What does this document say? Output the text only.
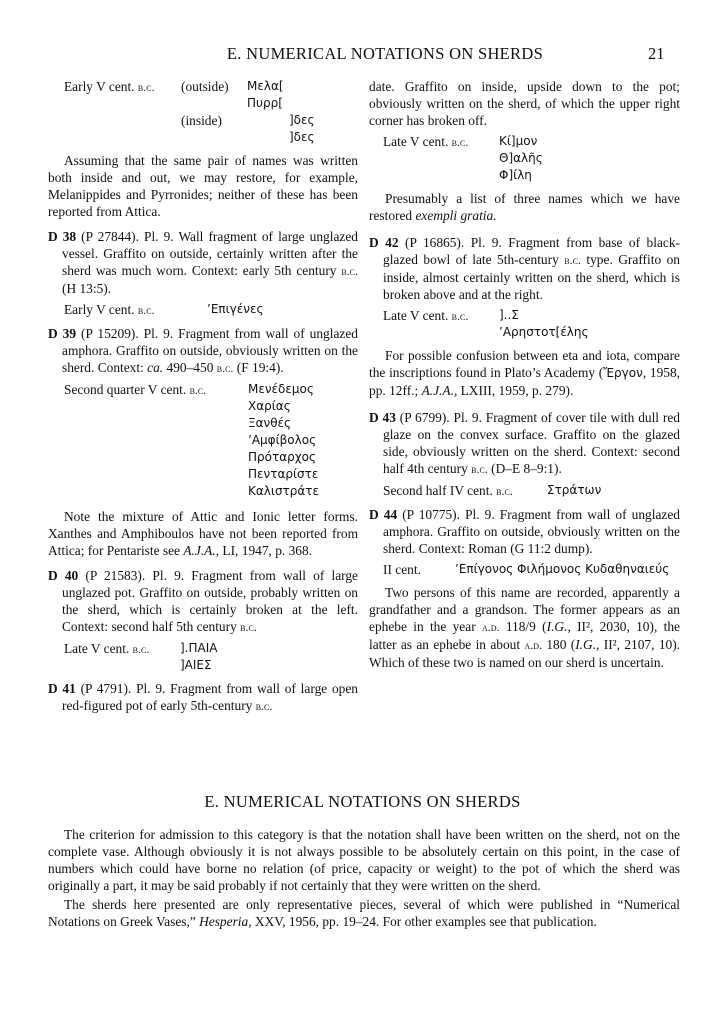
E. NUMERICAL NOTATIONS ON SHERDS	21
Early V cent. b.c.	(outside)	Μελα[
Πυρρ[
(inside)	]δες
]δες

Assuming that the same pair of names was written both inside and out, we may restore, for example, Melanippides and Pyrronides; neither of these has been reported from Attica.

D 38 (P 27844). Pl. 9. Wall fragment of large unglazed vessel. Graffito on outside, certainly written after the sherd was much worn. Context: early 5th century b.c. (H 13:5).

Early V cent. b.c.	’Επιγένες

D 39 (P 15209). Pl. 9. Fragment from wall of unglazed amphora. Graffito on outside, obviously written on the sherd. Context: ca. 490–450 b.c. (F 19:4).

Second quarter V cent. b.c.	Μενέδεμος
Χαρίας
Ξανθές
’Αμφίβολος
Πρόταρχος
Πενταρίστε
Καλιστράτε

Note the mixture of Attic and Ionic letter forms. Xanthes and Amphiboulos have not been reported from Attica; for Pentariste see A.J.A., LI, 1947, p. 368.

D 40 (P 21583). Pl. 9. Fragment from wall of large unglazed pot. Graffito on outside, probably written on the sherd, which is certainly broken at the left. Context: second half 5th century b.c.

Late V cent. b.c.	].ΠΑΙΑ
]ΑΙΕΣ

D 41 (P 4791). Pl. 9. Fragment from wall of large open red-figured pot of early 5th-century b.c.

date. Graffito on inside, upside down to the pot; obviously written on the sherd, of which the upper right corner has broken off.

Late V cent. b.c.	Κί]μον
Θ]αλῆς
Φ]ίλη

Presumably a list of three names which we have restored exempli gratia.

D 42 (P 16865). Pl. 9. Fragment from base of black-glazed bowl of late 5th-century b.c. type. Graffito on inside, almost certainly written on the sherd, which is broken above and at the right.

Late V cent. b.c.	]..Σ
’Αρηστοτ[έλης

For possible confusion between eta and iota, compare the inscriptions found in Plato’s Academy (Ἔργον, 1958, pp. 12ff.; A.J.A., LXIII, 1959, p. 279).

D 43 (P 6799). Pl. 9. Fragment of cover tile with dull red glaze on the convex surface. Graffito on the glazed side, obviously written on the sherd. Context: second half 4th century b.c. (D–E 8–9:1).

Second half IV cent. b.c.	Στράτων

D 44 (P 10775). Pl. 9. Fragment from wall of unglazed amphora. Graffito on outside, obviously written on the sherd. Context: Roman (G 11:2 dump).

II cent.	’Επίγονος Φιλήμονος Κυδαθηναιεύς

Two persons of this name are recorded, apparently a grandfather and a grandson. The former appears as an ephebe in the year a.d. 118/9 (I.G., II², 2030, 10), the latter as an ephebe in about a.d. 180 (I.G., II², 2107, 10). Which of these two is named on our sherd is uncertain.

E. NUMERICAL NOTATIONS ON SHERDS

The criterion for admission to this category is that the notation shall have been written on the sherd, not on the complete vase. Although obviously it is not always possible to be absolutely certain on this point, in the case of numbers which could have borne no relation (of price, capacity or weight) to the pot of which the sherd was originally a part, it may be said probably if not certainly that they were written on the sherd.

The sherds here presented are only representative pieces, several of which were published in “Numerical Notations on Greek Vases,” Hesperia, XXV, 1956, pp. 19–24. For other examples see that publication.
